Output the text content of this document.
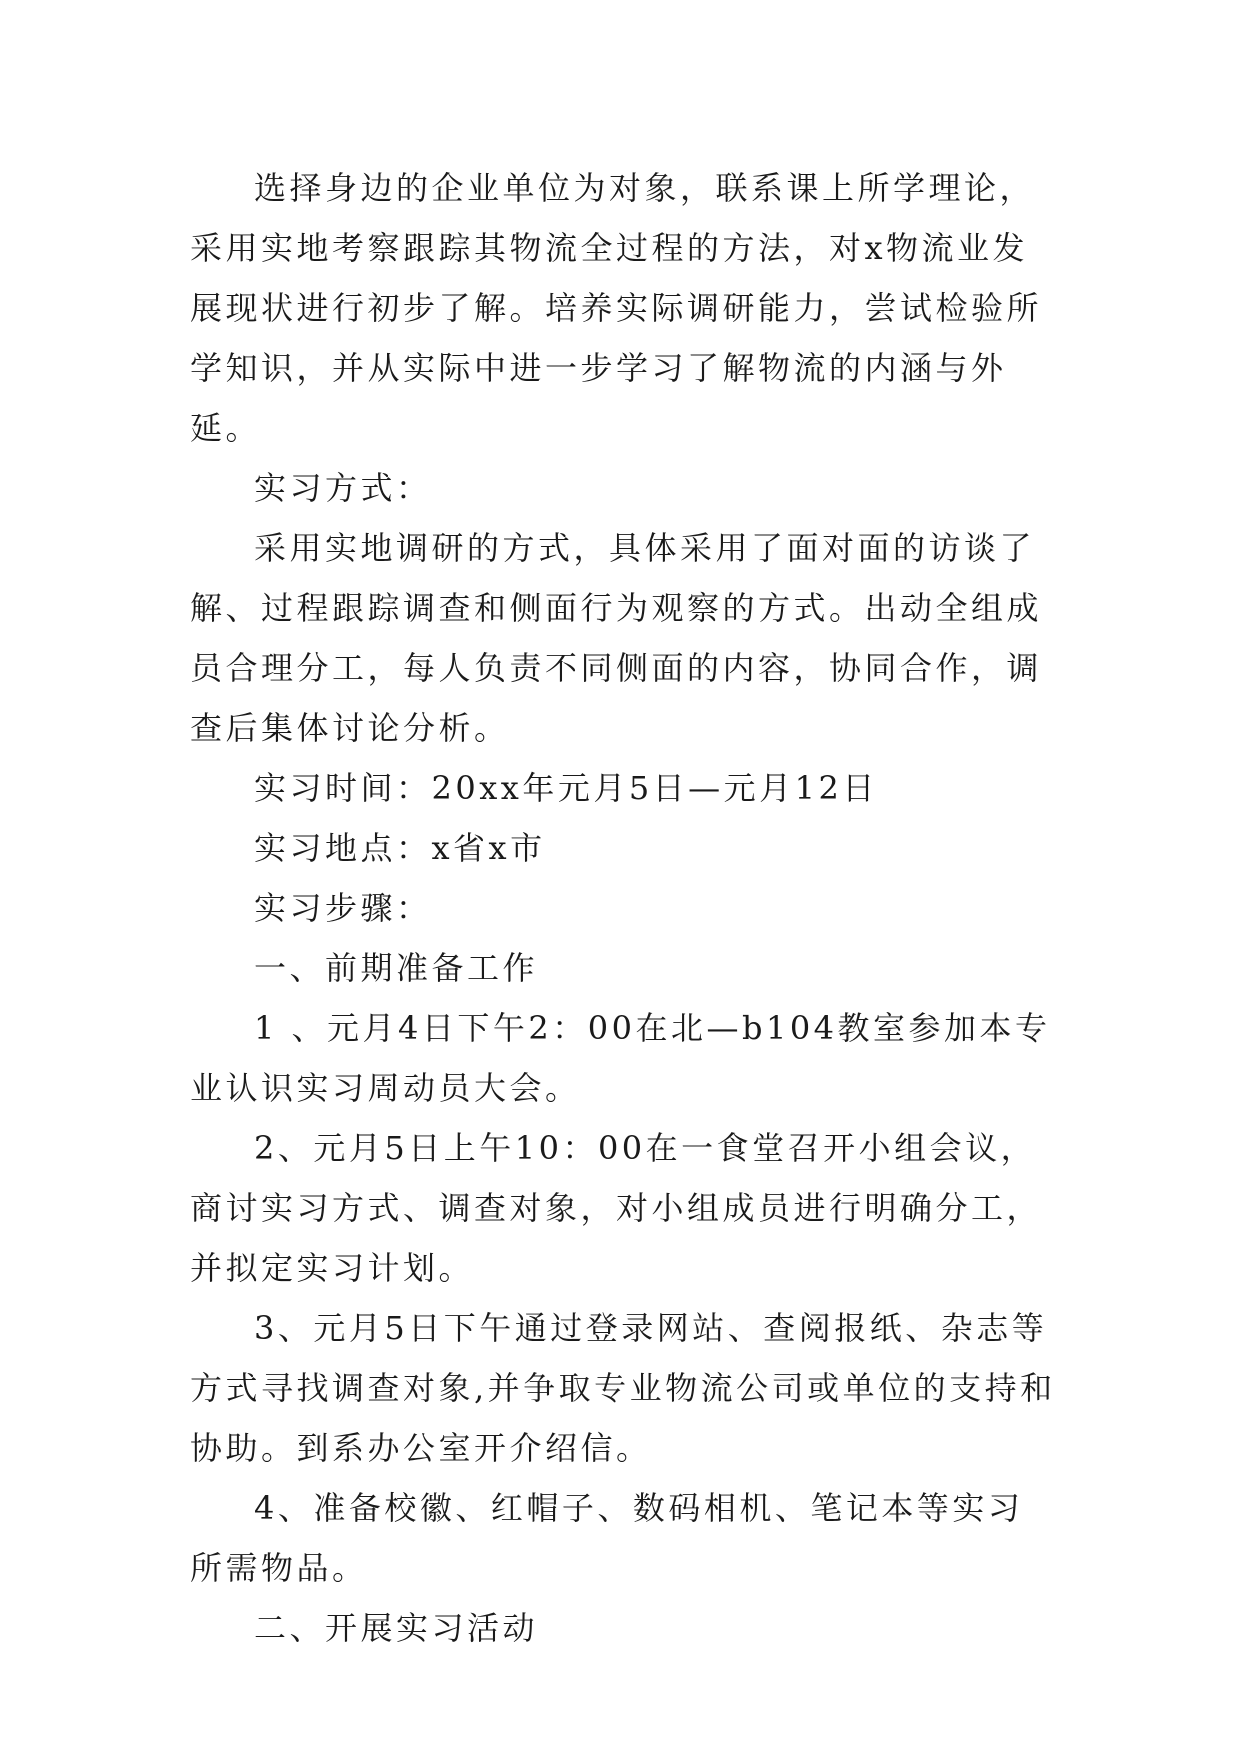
选择身边的企业单位为对象，联系课上所学理论，采用实地考察跟踪其物流全过程的方法，对x物流业发展现状进行初步了解。培养实际调研能力，尝试检验所学知识，并从实际中进一步学习了解物流的内涵与外延。

实习方式：

采用实地调研的方式，具体采用了面对面的访谈了解、过程跟踪调查和侧面行为观察的方式。出动全组成员合理分工，每人负责不同侧面的内容，协同合作，调查后集体讨论分析。

实习时间：20xx年元月5日—元月12日

实习地点：x省x市

实习步骤：

一、前期准备工作

1 、元月4日下午2：00在北—b104教室参加本专业认识实习周动员大会。

2、元月5日上午10：00在一食堂召开小组会议，商讨实习方式、调查对象，对小组成员进行明确分工，并拟定实习计划。

3、元月5日下午通过登录网站、查阅报纸、杂志等方式寻找调查对象,并争取专业物流公司或单位的支持和协助。到系办公室开介绍信。

4、准备校徽、红帽子、数码相机、笔记本等实习所需物品。

二、开展实习活动
